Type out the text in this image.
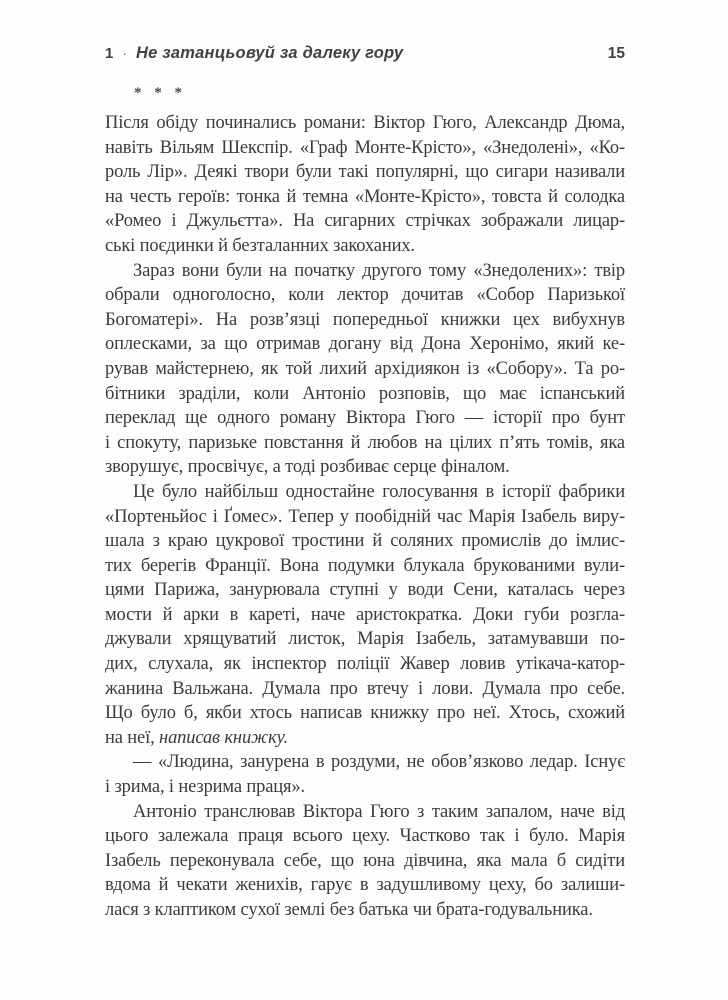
1 · Не затанцьовуй за далеку гору	15
* * *
Після обіду починались романи: Віктор Гюго, Александр Дюма,
навіть Вільям Шекспір. «Граф Монте-Крісто», «Знедолені», «Ко-
роль Лір». Деякі твори були такі популярні, що сигари називали
на честь героїв: тонка й темна «Монте-Крісто», товста й солодка
«Ромео і Джульєтта». На сигарних стрічках зображали лицар-
ські поєдинки й безталанних закоханих.
Зараз вони були на початку другого тому «Знедолених»: твір
обрали одноголосно, коли лектор дочитав «Собор Паризької
Богоматері». На розв’язці попередньої книжки цех вибухнув
оплесками, за що отримав догану від Дона Херонімо, який ке-
рував майстернею, як той лихий архідиякон із «Собору». Та ро-
бітники зраділи, коли Антоніо розповів, що має іспанський
переклад ще одного роману Віктора Гюго — історії про бунт
і спокуту, паризьке повстання й любов на цілих п’ять томів, яка
зворушує, просвічує, а тоді розбиває серце фіналом.
Це було найбільш одностайне голосування в історії фабрики
«Портеньйос і Ґомес». Тепер у пообідній час Марія Ізабель виру-
шала з краю цукрової тростини й соляних промислів до імлис-
тих берегів Франції. Вона подумки блукала брукованими вули-
цями Парижа, занурювала ступні у води Сени, каталась через
мости й арки в кареті, наче аристократка. Доки губи розгла-
джували хрящуватий листок, Марія Ізабель, затамувавши по-
дих, слухала, як інспектор поліції Жавер ловив утікача-катор-
жанина Вальжана. Думала про втечу і лови. Думала про себе.
Що було б, якби хтось написав книжку про неї. Хтось, схожий
на неї, написав книжку.
— «Людина, занурена в роздуми, не обов’язково ледар. Існує
і зрима, і незрима праця».
Антоніо транслював Віктора Гюго з таким запалом, наче від
цього залежала праця всього цеху. Частково так і було. Марія
Ізабель переконувала себе, що юна дівчина, яка мала б сидіти
вдома й чекати женихів, гарує в задушливому цеху, бо залиши-
лася з клаптиком сухої землі без батька чи брата-годувальника.
